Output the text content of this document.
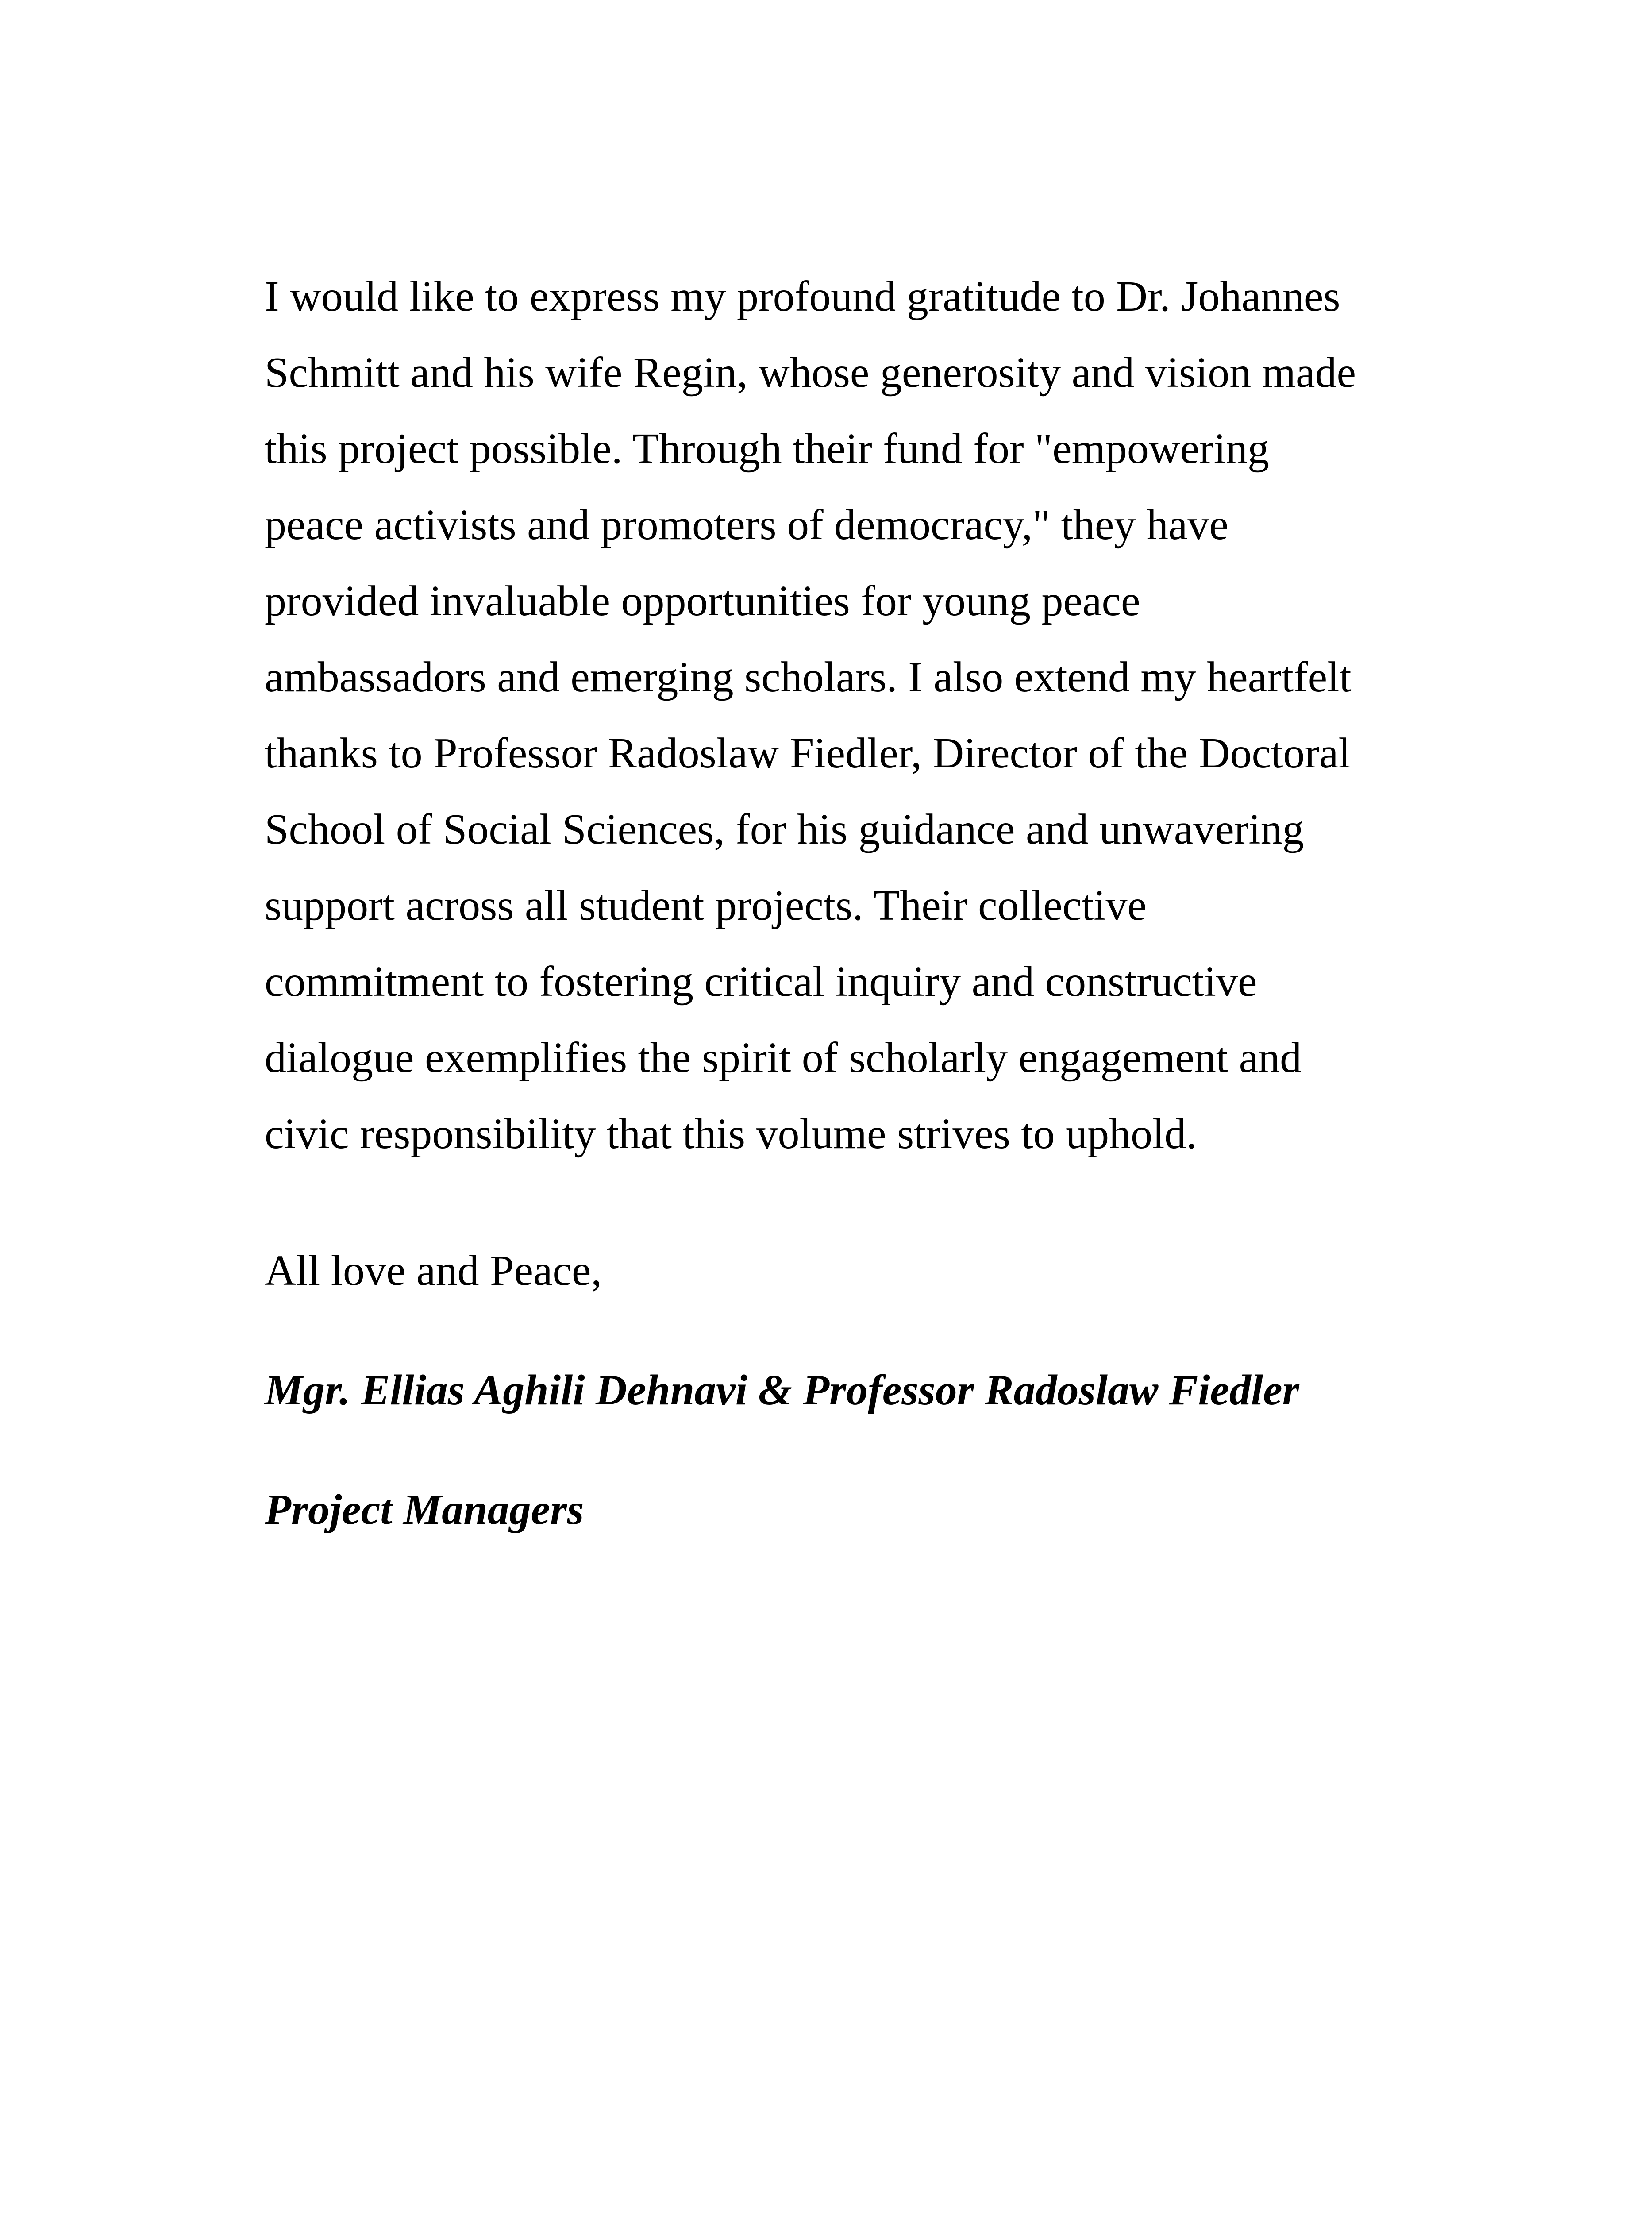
I would like to express my profound gratitude to Dr. Johannes
Schmitt and his wife Regin, whose generosity and vision made
this project possible. Through their fund for "empowering
peace activists and promoters of democracy," they have
provided invaluable opportunities for young peace
ambassadors and emerging scholars. I also extend my heartfelt
thanks to Professor Radoslaw Fiedler, Director of the Doctoral
School of Social Sciences, for his guidance and unwavering
support across all student projects. Their collective
commitment to fostering critical inquiry and constructive
dialogue exemplifies the spirit of scholarly engagement and
civic responsibility that this volume strives to uphold.
All love and Peace,
Mgr. Ellias Aghili Dehnavi & Professor Radoslaw Fiedler
Project Managers
